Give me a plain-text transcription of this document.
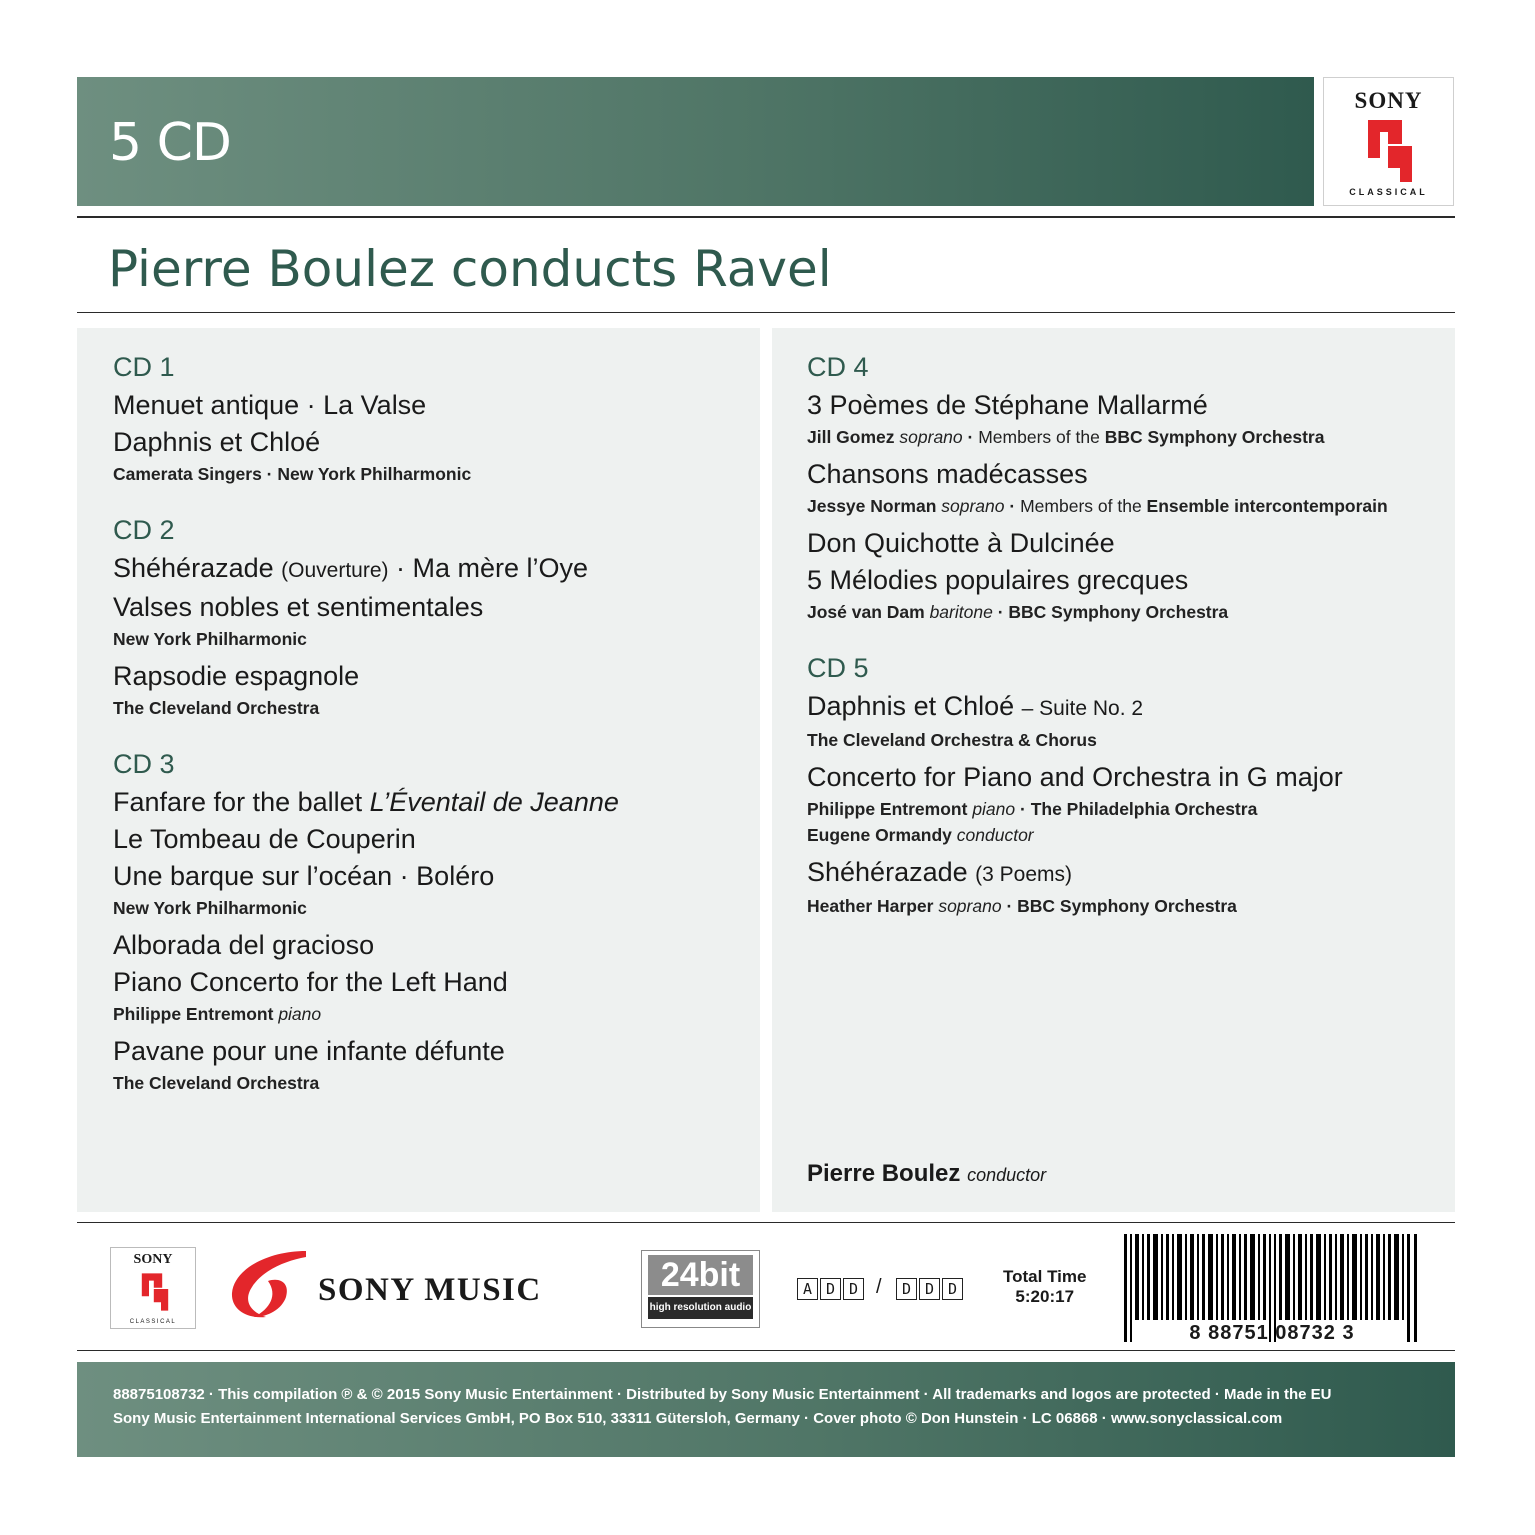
5 CD
SONY
CLASSICAL
Pierre Boulez conducts Ravel
CD 1
Menuet antique · La Valse
Daphnis et Chloé
Camerata Singers · New York Philharmonic
CD 2
Shéhérazade (Ouverture) · Ma mère l’Oye
Valses nobles et sentimentales
New York Philharmonic
Rapsodie espagnole
The Cleveland Orchestra
CD 3
Fanfare for the ballet L’Éventail de Jeanne
Le Tombeau de Couperin
Une barque sur l’océan · Boléro
New York Philharmonic
Alborada del gracioso
Piano Concerto for the Left Hand
Philippe Entremont piano
Pavane pour une infante défunte
The Cleveland Orchestra
CD 4
3 Poèmes de Stéphane Mallarmé
Jill Gomez soprano · Members of the BBC Symphony Orchestra
Chansons madécasses
Jessye Norman soprano · Members of the Ensemble intercontemporain
Don Quichotte à Dulcinée
5 Mélodies populaires grecques
José van Dam baritone · BBC Symphony Orchestra
CD 5
Daphnis et Chloé – Suite No. 2
The Cleveland Orchestra & Chorus
Concerto for Piano and Orchestra in G major
Philippe Entremont piano · The Philadelphia Orchestra
Eugene Ormandy conductor
Shéhérazade (3 Poems)
Heather Harper soprano · BBC Symphony Orchestra
Pierre Boulez conductor
SONY
CLASSICAL
SONY MUSIC	24bit
high resolution audio
A D D /	D D D
Total Time
5:20:17
8 88751 08732 3
88875108732 · This compilation ℗ & © 2015 Sony Music Entertainment · Distributed by Sony Music Entertainment · All trademarks and logos are protected · Made in the EU
Sony Music Entertainment International Services GmbH, PO Box 510, 33311 Gütersloh, Germany · Cover photo © Don Hunstein · LC 06868 · www.sonyclassical.com
